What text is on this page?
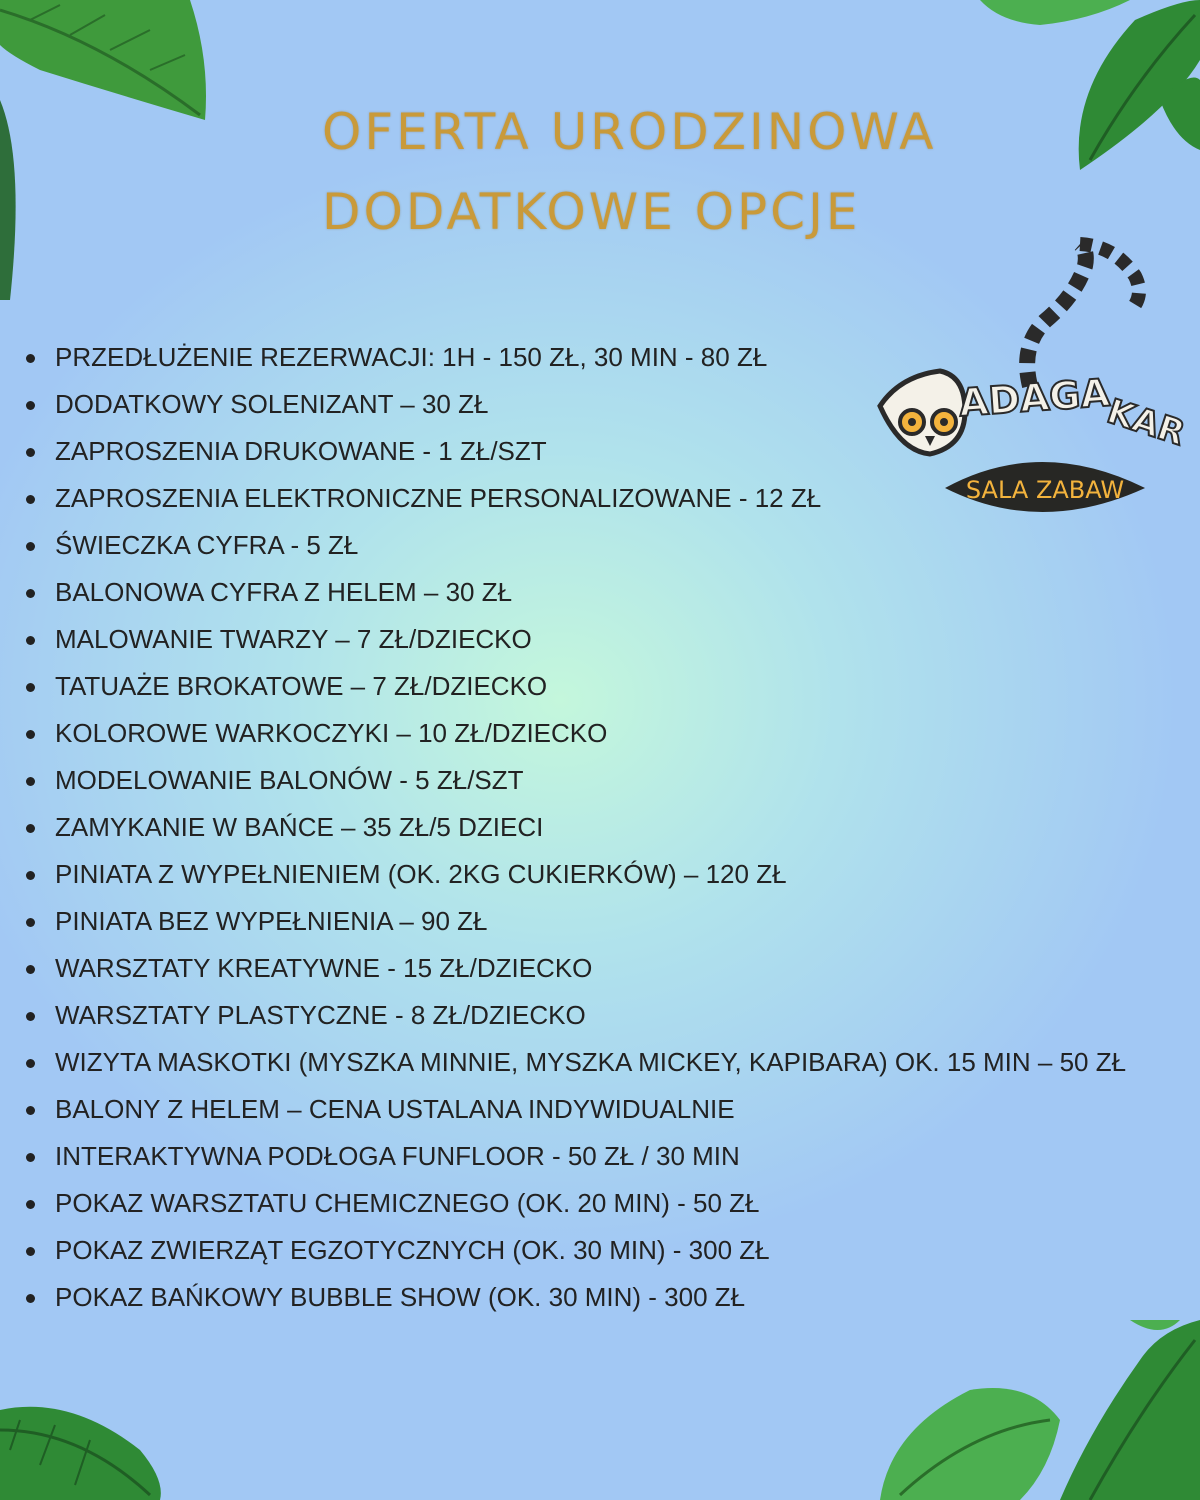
OFERTA URODZINOWA
DODATKOWE OPCJE
ADAGA
KAR
SALA ZABAW
PRZEDŁUŻENIE REZERWACJI: 1H - 150 ZŁ, 30 MIN - 80 ZŁ
DODATKOWY SOLENIZANT – 30 ZŁ
ZAPROSZENIA DRUKOWANE - 1 ZŁ/SZT
ZAPROSZENIA ELEKTRONICZNE PERSONALIZOWANE - 12 ZŁ
ŚWIECZKA CYFRA - 5 ZŁ
BALONOWA CYFRA Z HELEM – 30 ZŁ
MALOWANIE TWARZY – 7 ZŁ/DZIECKO
TATUAŻE BROKATOWE – 7 ZŁ/DZIECKO
KOLOROWE WARKOCZYKI – 10 ZŁ/DZIECKO
MODELOWANIE BALONÓW - 5 ZŁ/SZT
ZAMYKANIE W BAŃCE – 35 ZŁ/5 DZIECI
PINIATA Z WYPEŁNIENIEM (OK. 2KG CUKIERKÓW) – 120 ZŁ
PINIATA BEZ WYPEŁNIENIA – 90 ZŁ
WARSZTATY KREATYWNE - 15 ZŁ/DZIECKO
WARSZTATY PLASTYCZNE - 8 ZŁ/DZIECKO
WIZYTA MASKOTKI (MYSZKA MINNIE, MYSZKA MICKEY, KAPIBARA) OK. 15 MIN – 50 ZŁ
BALONY Z HELEM – CENA USTALANA INDYWIDUALNIE
INTERAKTYWNA PODŁOGA FUNFLOOR - 50 ZŁ / 30 MIN
POKAZ WARSZTATU CHEMICZNEGO (OK. 20 MIN) - 50 ZŁ
POKAZ ZWIERZĄT EGZOTYCZNYCH (OK. 30 MIN) - 300 ZŁ
POKAZ BAŃKOWY BUBBLE SHOW (OK. 30 MIN) - 300 ZŁ
